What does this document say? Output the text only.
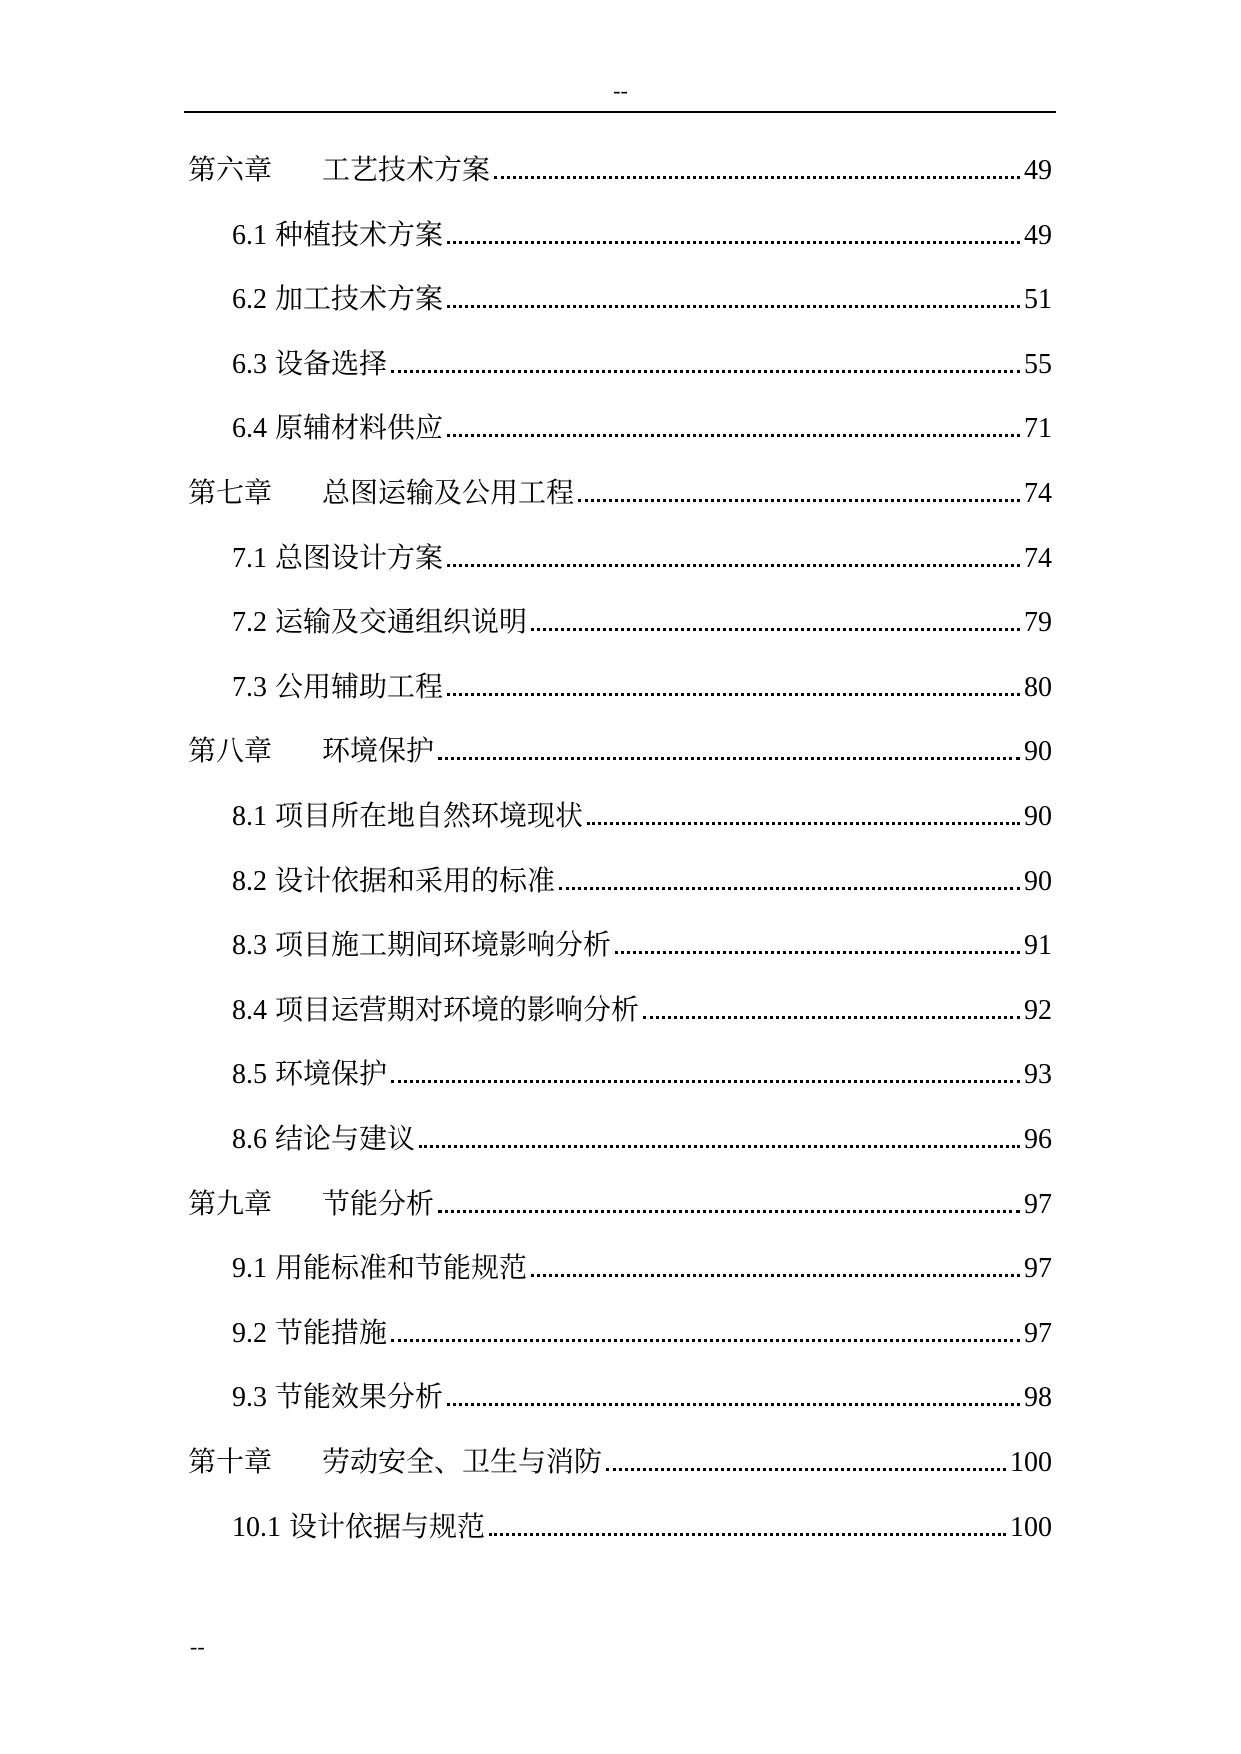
--
第六章 工艺技术方案	49
6.1 种植技术方案	49
6.2 加工技术方案	51
6.3 设备选择	55
6.4 原辅材料供应	71
第七章 总图运输及公用工程	74
7.1 总图设计方案	74
7.2 运输及交通组织说明	79
7.3 公用辅助工程	80
第八章 环境保护	90
8.1 项目所在地自然环境现状	90
8.2 设计依据和采用的标准	90
8.3 项目施工期间环境影响分析	91
8.4 项目运营期对环境的影响分析	92
8.5 环境保护	93
8.6 结论与建议	96
第九章 节能分析	97
9.1 用能标准和节能规范	97
9.2 节能措施	97
9.3 节能效果分析	98
第十章 劳动安全、卫生与消防	100
10.1 设计依据与规范	100
--
